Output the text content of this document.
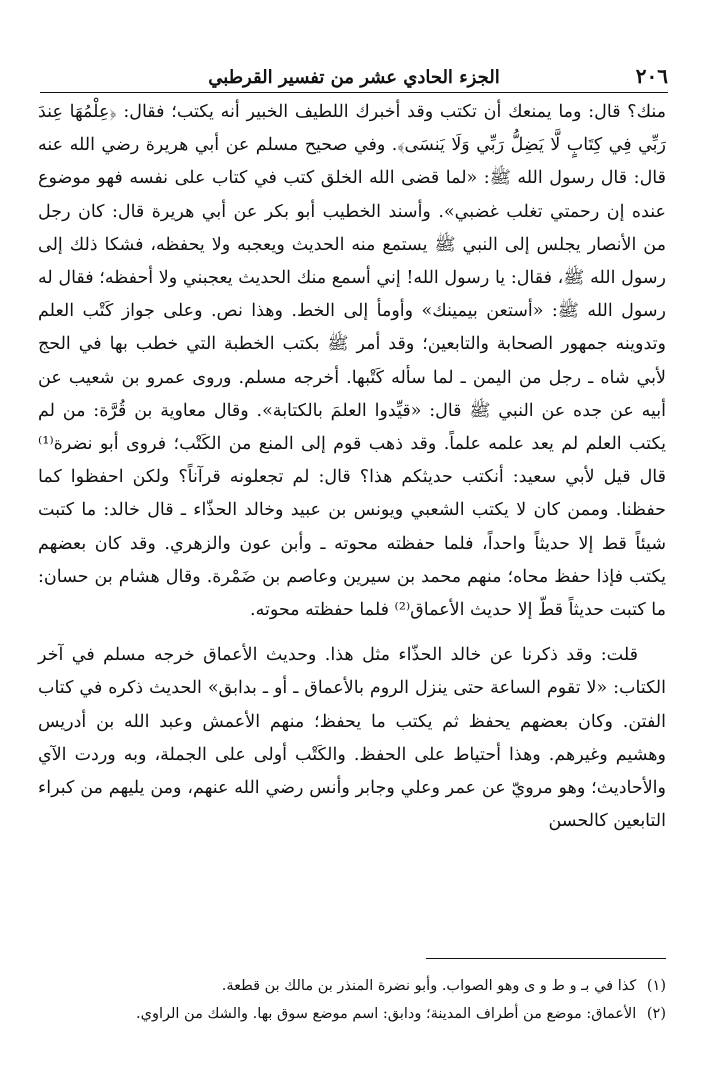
٢٠٦
الجزء الحادي عشر من تفسير القرطبي

منك؟ قال: وما يمنعك أن تكتب وقد أخبرك اللطيف الخبير أنه يكتب؛ فقال: ﴿عِلْمُهَا عِندَ رَبِّي فِي كِتَابٍ لَّا يَضِلُّ رَبِّي وَلَا يَنسَى﴾. وفي صحيح مسلم عن أبي هريرة رضي الله عنه قال: قال رسول الله ﷺ: «لما قضى الله الخلق كتب في كتاب على نفسه فهو موضوع عنده إن رحمتي تغلب غضبي». وأسند الخطيب أبو بكر عن أبي هريرة قال: كان رجل من الأنصار يجلس إلى النبي ﷺ يستمع منه الحديث ويعجبه ولا يحفظه، فشكا ذلك إلى رسول الله ﷺ، فقال: يا رسول الله! إني أسمع منك الحديث يعجبني ولا أحفظه؛ فقال له رسول الله ﷺ: «أستعن بيمينك» وأومأ إلى الخط. وهذا نص. وعلى جواز كَتْب العلم وتدوينه جمهور الصحابة والتابعين؛ وقد أمر ﷺ بكتب الخطبة التي خطب بها في الحج لأبي شاه ـ رجل من اليمن ـ لما سأله كَتْبها. أخرجه مسلم. وروى عمرو بن شعيب عن أبيه عن جده عن النبي ﷺ قال: «قيِّدوا العلمَ بالكتابة». وقال معاوية بن قُرَّة: من لم يكتب العلم لم يعد علمه علماً. وقد ذهب قوم إلى المنع من الكَتْب؛ فروى أبو نضرة⁽¹⁾ قال قيل لأبي سعيد: أنكتب حديثكم هذا؟ قال: لم تجعلونه قرآناً؟ ولكن احفظوا كما حفظنا. وممن كان لا يكتب الشعبي ويونس بن عبيد وخالد الحذّاء ـ قال خالد: ما كتبت شيئاً قط إلا حديثاً واحداً، فلما حفظته محوته ـ وأبن عون والزهري. وقد كان بعضهم يكتب فإذا حفظ محاه؛ منهم محمد بن سيرين وعاصم بن ضَمْرة. وقال هشام بن حسان: ما كتبت حديثاً قطّ إلا حديث الأعماق⁽²⁾ فلما حفظته محوته.

قلت: وقد ذكرنا عن خالد الحذّاء مثل هذا. وحديث الأعماق خرجه مسلم في آخر الكتاب: «لا تقوم الساعة حتى ينزل الروم بالأعماق ـ أو ـ بدابق» الحديث ذكره في كتاب الفتن. وكان بعضهم يحفظ ثم يكتب ما يحفظ؛ منهم الأعمش وعبد الله بن أدريس وهشيم وغيرهم. وهذا أحتياط على الحفظ. والكَتْب أولى على الجملة، وبه وردت الآي والأحاديث؛ وهو مرويّ عن عمر وعلي وجابر وأنس رضي الله عنهم، ومن يليهم من كبراء التابعين كالحسن

(١) كذا في بـ و ط و ى وهو الصواب. وأبو نضرة المنذر بن مالك بن قطعة.

(٢) الأعماق: موضع من أطراف المدينة؛ ودابق: اسم موضع سوق بها. والشك من الراوي.
